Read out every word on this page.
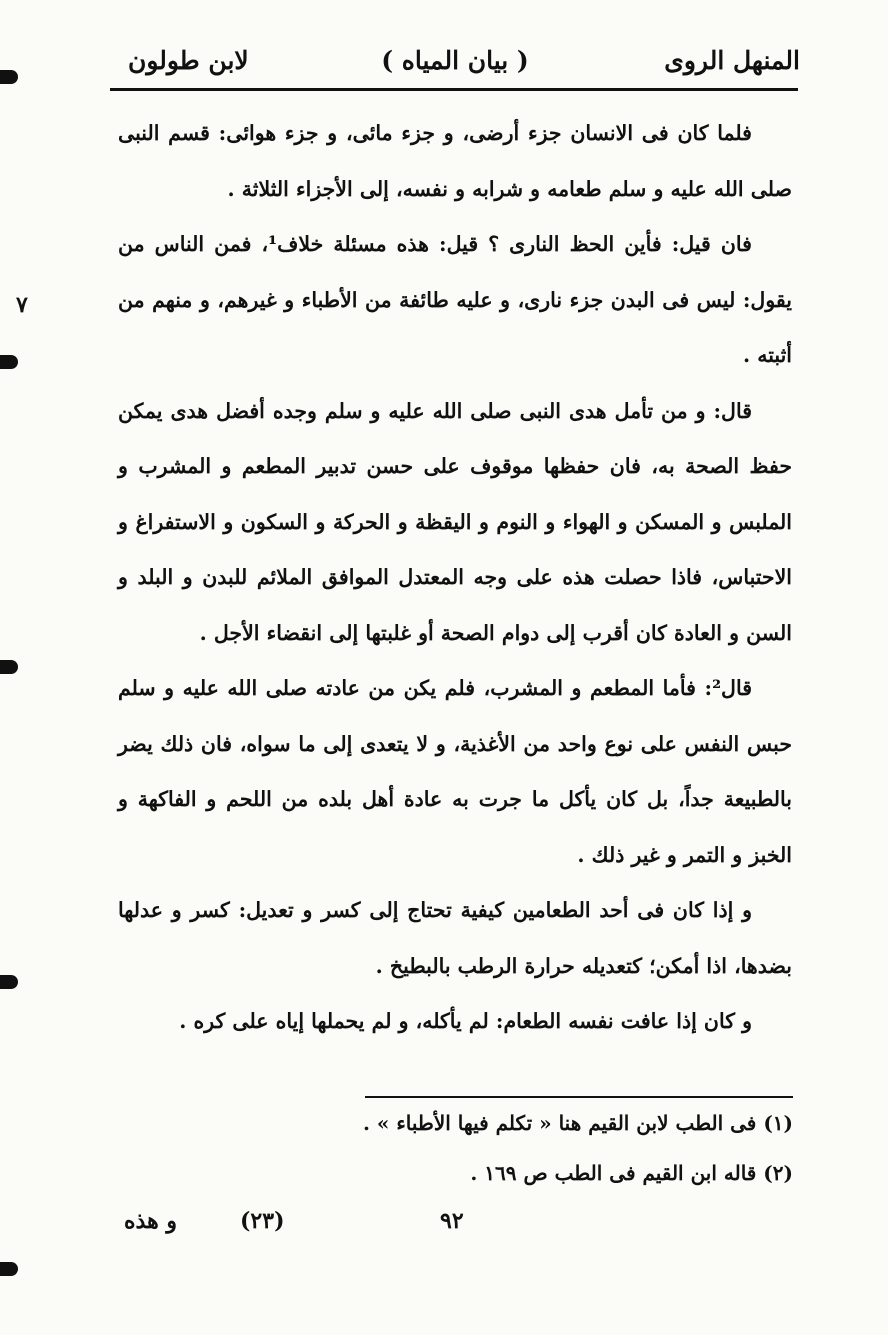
المنهل الروى
( بيان المياه )
لابن طولون
٧

فلما كان فى الانسان جزء أرضى، و جزء مائى، و جزء هوائى: قسم النبى صلى الله عليه و سلم طعامه و شرابه و نفسه، إلى الأجزاء الثلاثة .

فان قيل: فأين الحظ النارى ؟ قيل: هذه مسئلة خلاف¹، فمن الناس من يقول: ليس فى البدن جزء نارى، و عليه طائفة من الأطباء و غيرهم، و منهم من أثبته .

قال: و من تأمل هدى النبى صلى الله عليه و سلم وجده أفضل هدى يمكن حفظ الصحة به، فان حفظها موقوف على حسن تدبير المطعم و المشرب و الملبس و المسكن و الهواء و النوم و اليقظة و الحركة و السكون و الاستفراغ و الاحتباس، فاذا حصلت هذه على وجه المعتدل الموافق الملائم للبدن و البلد و السن و العادة كان أقرب إلى دوام الصحة أو غلبتها إلى انقضاء الأجل .

قال²: فأما المطعم و المشرب، فلم يكن من عادته صلى الله عليه و سلم حبس النفس على نوع واحد من الأغذية، و لا يتعدى إلى ما سواه، فان ذلك يضر بالطبيعة جداً، بل كان يأكل ما جرت به عادة أهل بلده من اللحم و الفاكهة و الخبز و التمر و غير ذلك .

و إذا كان فى أحد الطعامين كيفية تحتاج إلى كسر و تعديل: كسر و عدلها بضدها، اذا أمكن؛ كتعديله حرارة الرطب بالبطيخ .

و كان إذا عافت نفسه الطعام: لم يأكله، و لم يحملها إياه على كره .

(١) فى الطب لابن القيم هنا « تكلم فيها الأطباء » .

(٢) قاله ابن القيم فى الطب ص ١٦٩ .

و هذه	(٢٣)	٩٢
